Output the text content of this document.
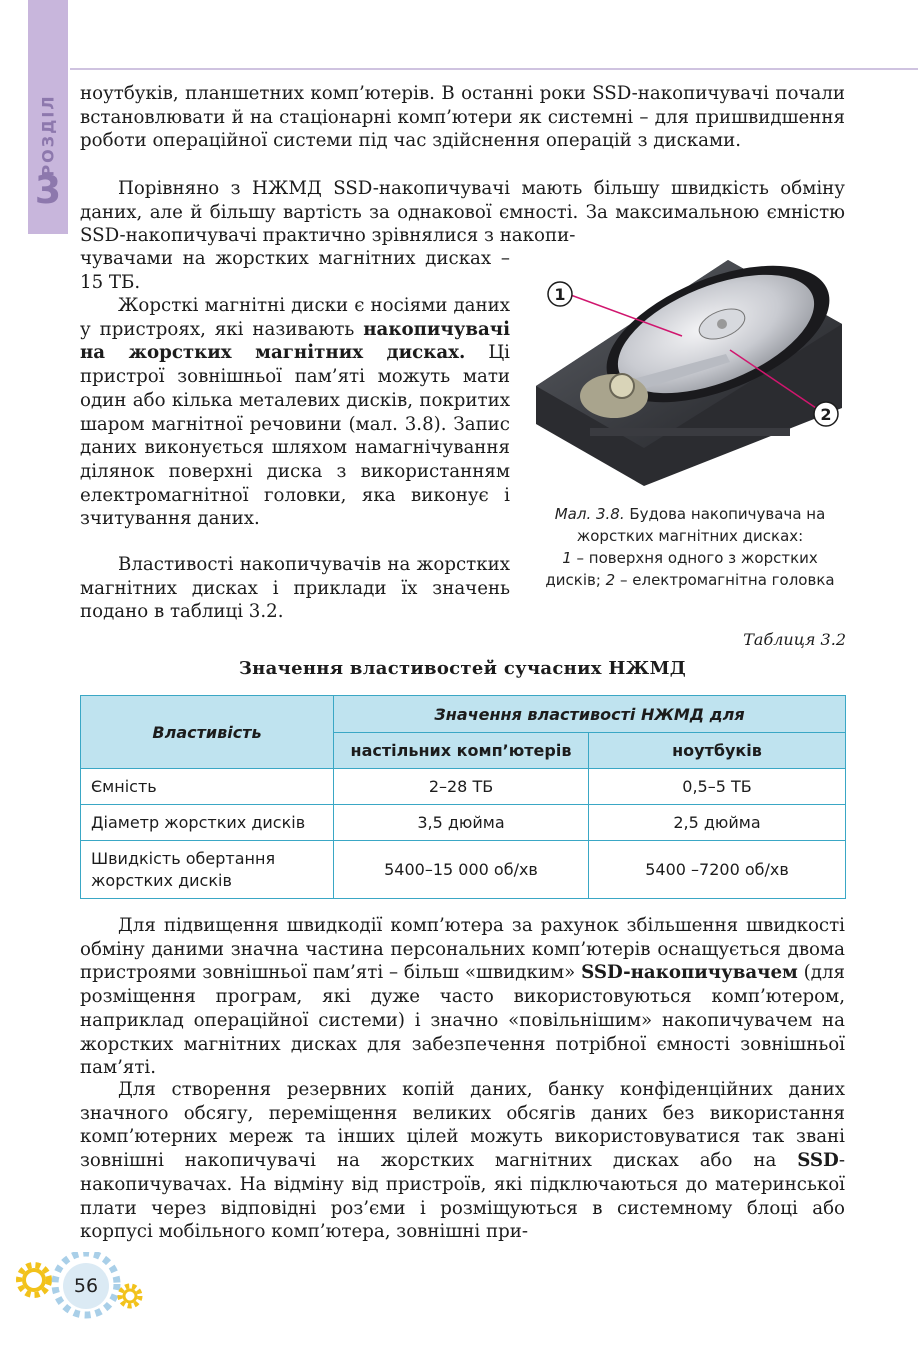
РОЗДІЛ
3

ноутбуків, планшетних комп’ютерів. В останні роки SSD-накопичувачі почали встановлювати й на стаціонарні комп’ютери як системні – для пришвидшення роботи операційної системи під час здійснення операцій з дисками.

Порівняно з НЖМД SSD-накопичувачі мають більшу швидкість обміну даних, але й більшу вартість за однакової ємності. За максимальною ємністю SSD-накопичувачі практично зрівнялися з накопи-

чувачами на жорстких магнітних дисках – 15 ТБ.

Жорсткі магнітні диски є носіями даних у пристроях, які називають накопичувачі на жорстких магнітних дисках. Ці пристрої зовнішньої пам’яті можуть мати один або кілька металевих дисків, покритих шаром магнітної речовини (мал. 3.8). Запис даних виконується шляхом намагнічування ділянок поверхні диска з використанням електромагнітної головки, яка виконує і зчитування даних.

Властивості накопичувачів на жорстких магнітних дисках і приклади їх значень подано в таблиці 3.2.

1
2
Мал. 3.8. Будова накопичувача на жорстких магнітних дисках:
1 – поверхня одного з жорстких дисків; 2 – електромагнітна головка
Таблиця 3.2
Значення властивостей сучасних НЖМД
Властивість	Значення властивості НЖМД для	
	настільних комп’ютерів	ноутбуків
Ємність	2–28 ТБ	0,5–5 ТБ
Діаметр жорстких дисків	3,5 дюйма	2,5 дюйма
Швидкість обертання жорстких дисків	5400–15 000 об/хв	5400 –7200 об/хв

Для підвищення швидкодії комп’ютера за рахунок збільшення швидкості обміну даними значна частина персональних комп’ютерів оснащується двома пристроями зовнішньої пам’яті – більш «швидким» SSD-накопичувачем (для розміщення програм, які дуже часто використовуються комп’ютером, наприклад операційної системи) і значно «повільнішим» накопичувачем на жорстких магнітних дисках для забезпечення потрібної ємності зовнішньої пам’яті.

Для створення резервних копій даних, банку конфіденційних даних значного обсягу, переміщення великих обсягів даних без використання комп’ютерних мереж та інших цілей можуть використовуватися так звані зовнішні накопичувачі на жорстких магнітних дисках або на SSD-накопичувачах. На відміну від пристроїв, які підключаються до материнської плати через відповідні роз’єми і розміщуються в системному блоці або корпусі мобільного комп’ютера, зовнішні при-

56
